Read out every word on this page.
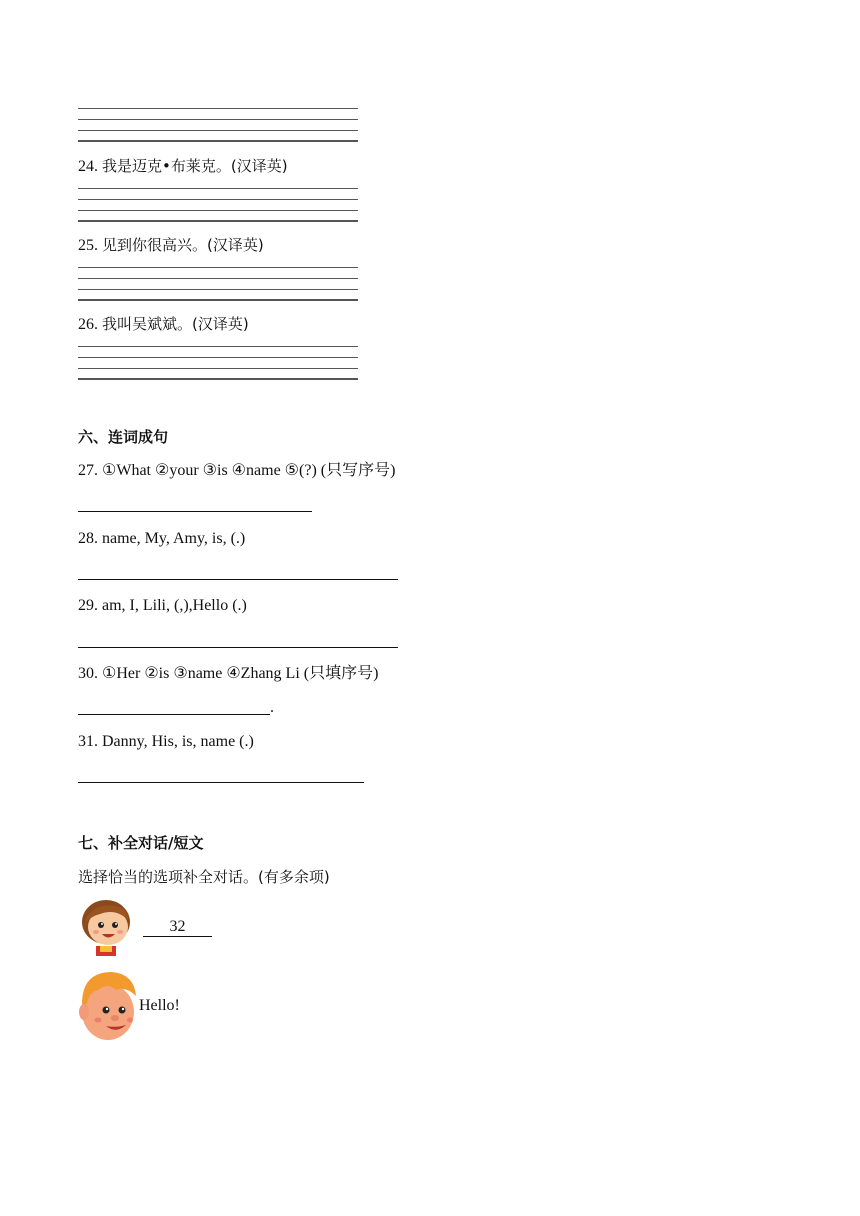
24. 我是迈克•布莱克。(汉译英)
25. 见到你很高兴。(汉译英)
26. 我叫吴斌斌。(汉译英)
六、连词成句
27. ①What ②your ③is ④name ⑤(?) (只写序号)
28. name, My, Amy, is, (.)
29. am, I, Lili, (,),Hello (.)
30. ①Her ②is ③name ④Zhang Li (只填序号)
.
31. Danny, His, is, name (.)
七、补全对话/短文
选择恰当的选项补全对话。(有多余项)
32
Hello!
